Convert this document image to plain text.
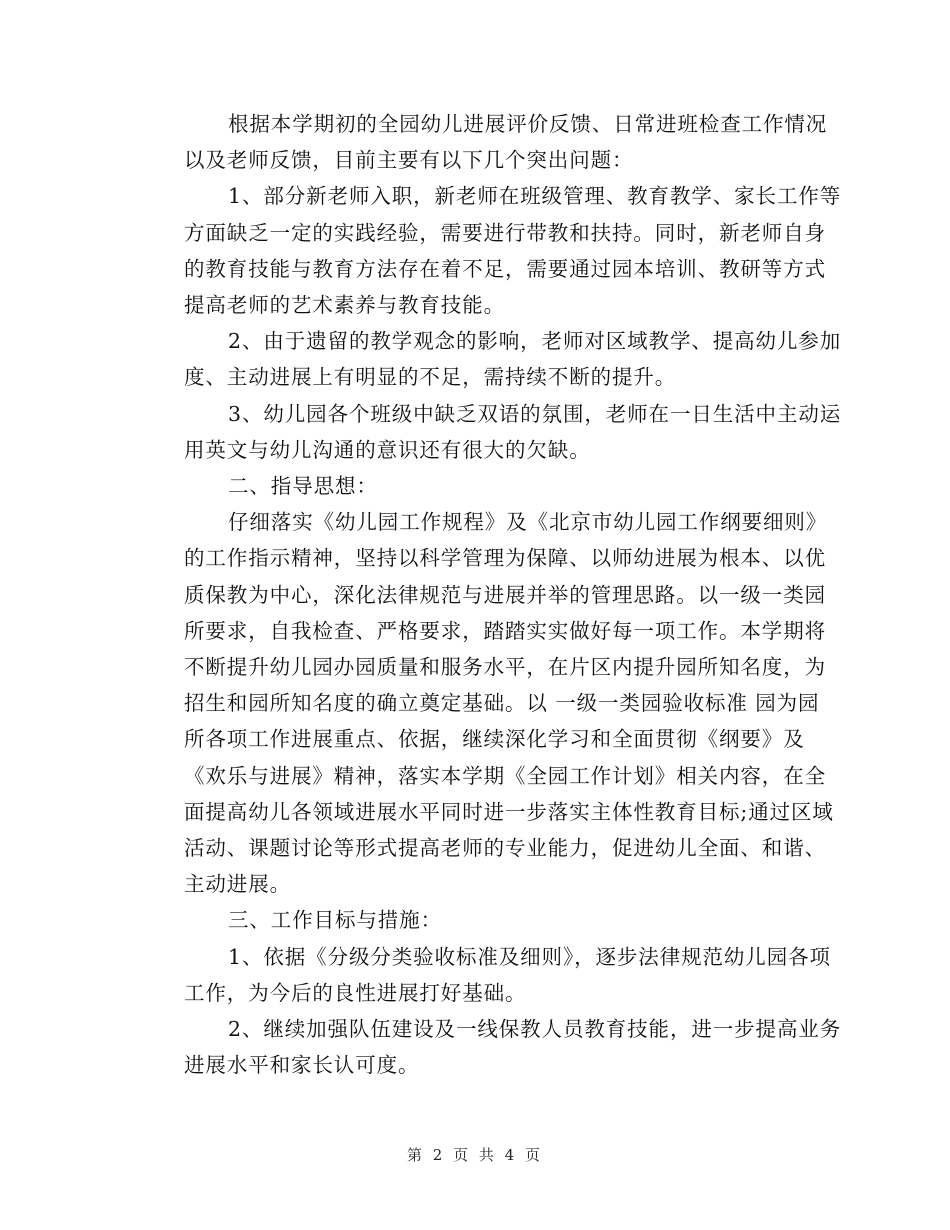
根据本学期初的全园幼儿进展评价反馈、日常进班检查工作情况
以及老师反馈，目前主要有以下几个突出问题：
1、部分新老师入职，新老师在班级管理、教育教学、家长工作等
方面缺乏一定的实践经验，需要进行带教和扶持。同时，新老师自身
的教育技能与教育方法存在着不足，需要通过园本培训、教研等方式
提高老师的艺术素养与教育技能。
2、由于遗留的教学观念的影响，老师对区域教学、提高幼儿参加
度、主动进展上有明显的不足，需持续不断的提升。
3、幼儿园各个班级中缺乏双语的氛围，老师在一日生活中主动运
用英文与幼儿沟通的意识还有很大的欠缺。
二、指导思想：
仔细落实《幼儿园工作规程》及《北京市幼儿园工作纲要细则》
的工作指示精神，坚持以科学管理为保障、以师幼进展为根本、以优
质保教为中心，深化法律规范与进展并举的管理思路。以一级一类园
所要求，自我检查、严格要求，踏踏实实做好每一项工作。本学期将
不断提升幼儿园办园质量和服务水平，在片区内提升园所知名度，为
招生和园所知名度的确立奠定基础。以 一级一类园验收标准 园为园
所各项工作进展重点、依据，继续深化学习和全面贯彻《纲要》及
《欢乐与进展》精神，落实本学期《全园工作计划》相关内容，在全
面提高幼儿各领域进展水平同时进一步落实主体性教育目标;通过区域
活动、课题讨论等形式提高老师的专业能力，促进幼儿全面、和谐、
主动进展。
三、工作目标与措施：
1、依据《分级分类验收标准及细则》，逐步法律规范幼儿园各项
工作，为今后的良性进展打好基础。
2、继续加强队伍建设及一线保教人员教育技能，进一步提高业务
进展水平和家长认可度。
第 2 页 共 4 页
